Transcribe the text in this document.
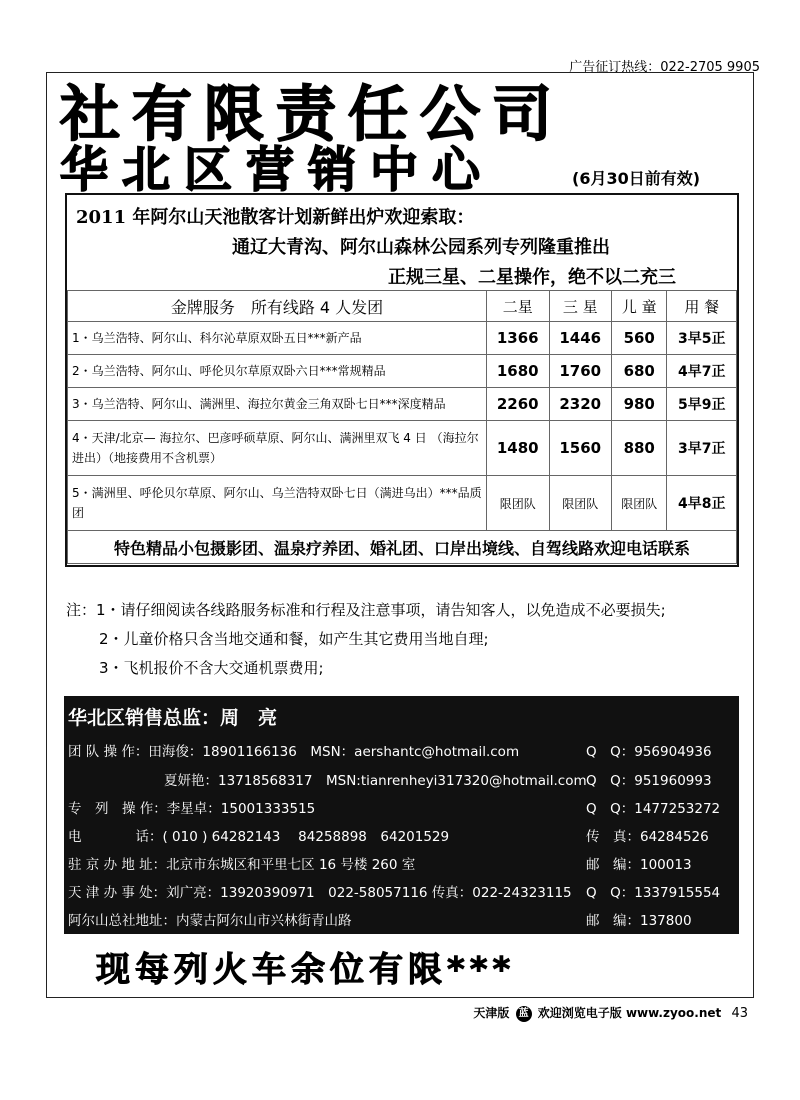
广告征订热线：022-2705 9905
社有限责任公司
华北区营销中心	(6月30日前有效)
2011 年阿尔山天池散客计划新鲜出炉欢迎索取：
通辽大青沟、阿尔山森林公园系列专列隆重推出
正规三星、二星操作，绝不以二充三
金牌服务　所有线路 4 人发团	二星	三 星	儿 童	用 餐
1・乌兰浩特、阿尔山、科尔沁草原双卧五日***新产品	1366	1446	560	3早5正
2・乌兰浩特、阿尔山、呼伦贝尔草原双卧六日***常规精品	1680	1760	680	4早7正
3・乌兰浩特、阿尔山、满洲里、海拉尔黄金三角双卧七日***深度精品	2260	2320	980	5早9正
4・天津/北京— 海拉尔、巴彦呼硕草原、阿尔山、满洲里双飞 4 日 （海拉尔进出）（地接费用不含机票）	1480	1560	880	3早7正
5・满洲里、呼伦贝尔草原、阿尔山、乌兰浩特双卧七日（满进乌出）***品质团	限团队	限团队	限团队	4早8正
特色精品小包摄影团、温泉疗养团、婚礼团、口岸出境线、自驾线路欢迎电话联系				
注：1・请仔细阅读各线路服务标准和行程及注意事项，请告知客人，以免造成不必要损失;
2・儿童价格只含当地交通和餐，如产生其它费用当地自理;
3・飞机报价不含大交通机票费用;
华北区销售总监：周　亮
团 队 操 作：田海俊：18901166136　MSN：aershantc@hotmail.com	Q　Q：956904936
夏妍艳：13718568317　MSN:tianrenheyi317320@hotmail.com Q　Q：951960993
专　列　操 作：李星卓：15001333515	Q　Q：1477253272
电　　　　话：( 010 ) 64282143　 84258898　64201529	传　真：64284526
驻 京 办 地 址：北京市东城区和平里七区 16 号楼 260 室	邮　编：100013
天 津 办 事 处：刘广亮：13920390971　022-58057116 传真：022-24323115 Q　Q：1337915554
阿尔山总社地址：内蒙古阿尔山市兴林街青山路	邮　编：137800
现每列火车余位有限***
天津版 蓝 欢迎浏览电子版 www.zyoo.net 43
